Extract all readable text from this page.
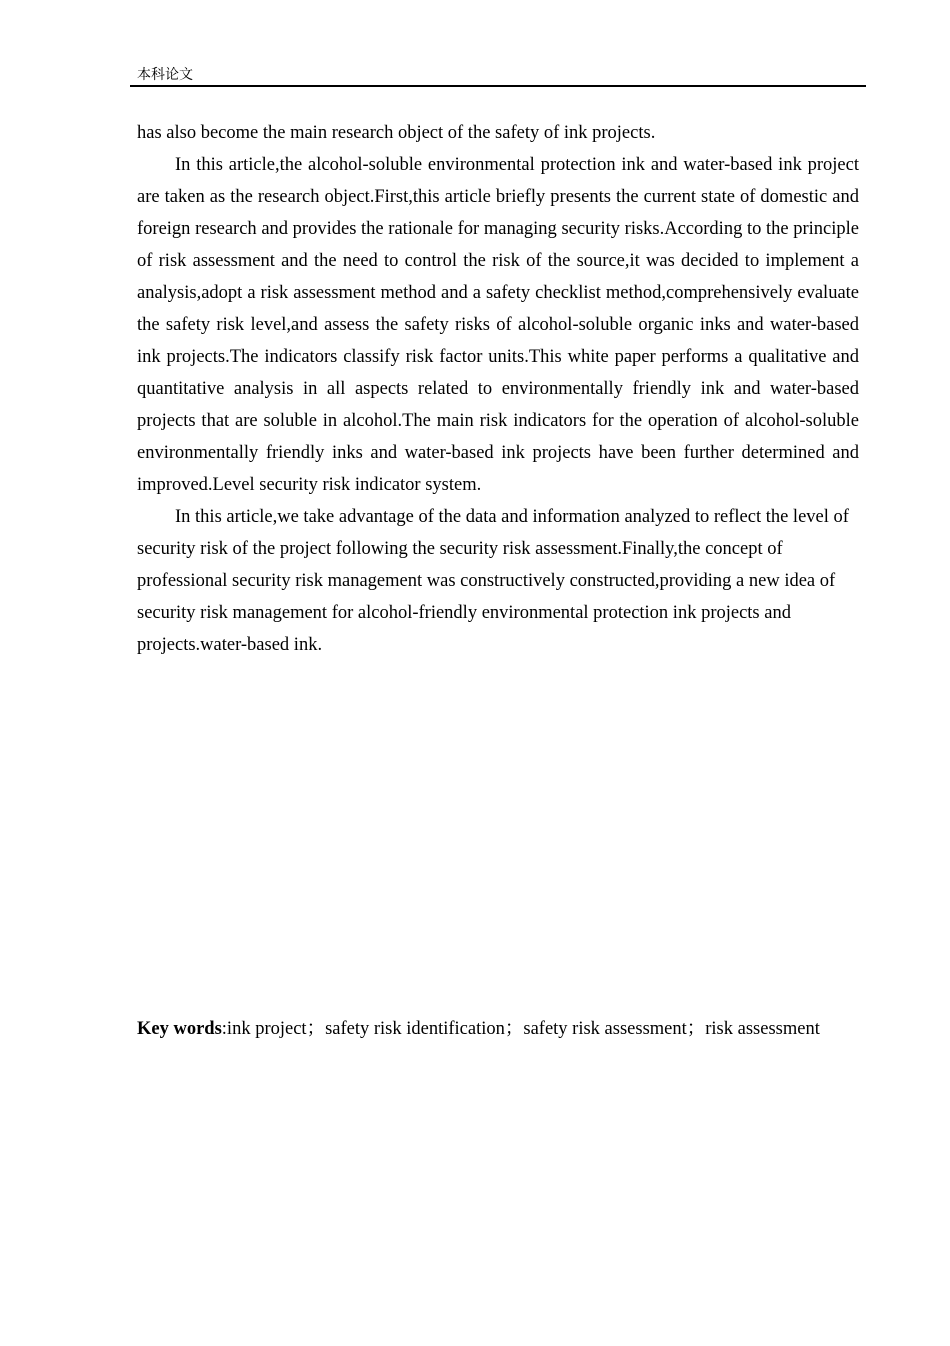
本科论文

has also become the main research object of the safety of ink projects.

In this article,the alcohol-soluble environmental protection ink and water-based ink project are taken as the research object.First,this article briefly presents the current state of domestic and foreign research and provides the rationale for managing security risks.According to the principle of risk assessment and the need to control the risk of the source,it was decided to implement a analysis,adopt a risk assessment method and a safety checklist method,comprehensively evaluate the safety risk level,and assess the safety risks of alcohol-soluble organic inks and water-based ink projects.The indicators classify risk factor units.This white paper performs a qualitative and quantitative analysis in all aspects related to environmentally friendly ink and water-based projects that are soluble in alcohol.The main risk indicators for the operation of alcohol-soluble environmentally friendly inks and water-based ink projects have been further determined and improved.Level security risk indicator system.

In this article,we take advantage of the data and information analyzed to reflect the level of security risk of the project following the security risk assessment.Finally,the concept of professional security risk management was constructively constructed,providing a new idea of security risk management for alcohol-friendly environmental protection ink projects and projects.water-based ink.

Key words:ink project；safety risk identification；safety risk assessment；risk assessment
